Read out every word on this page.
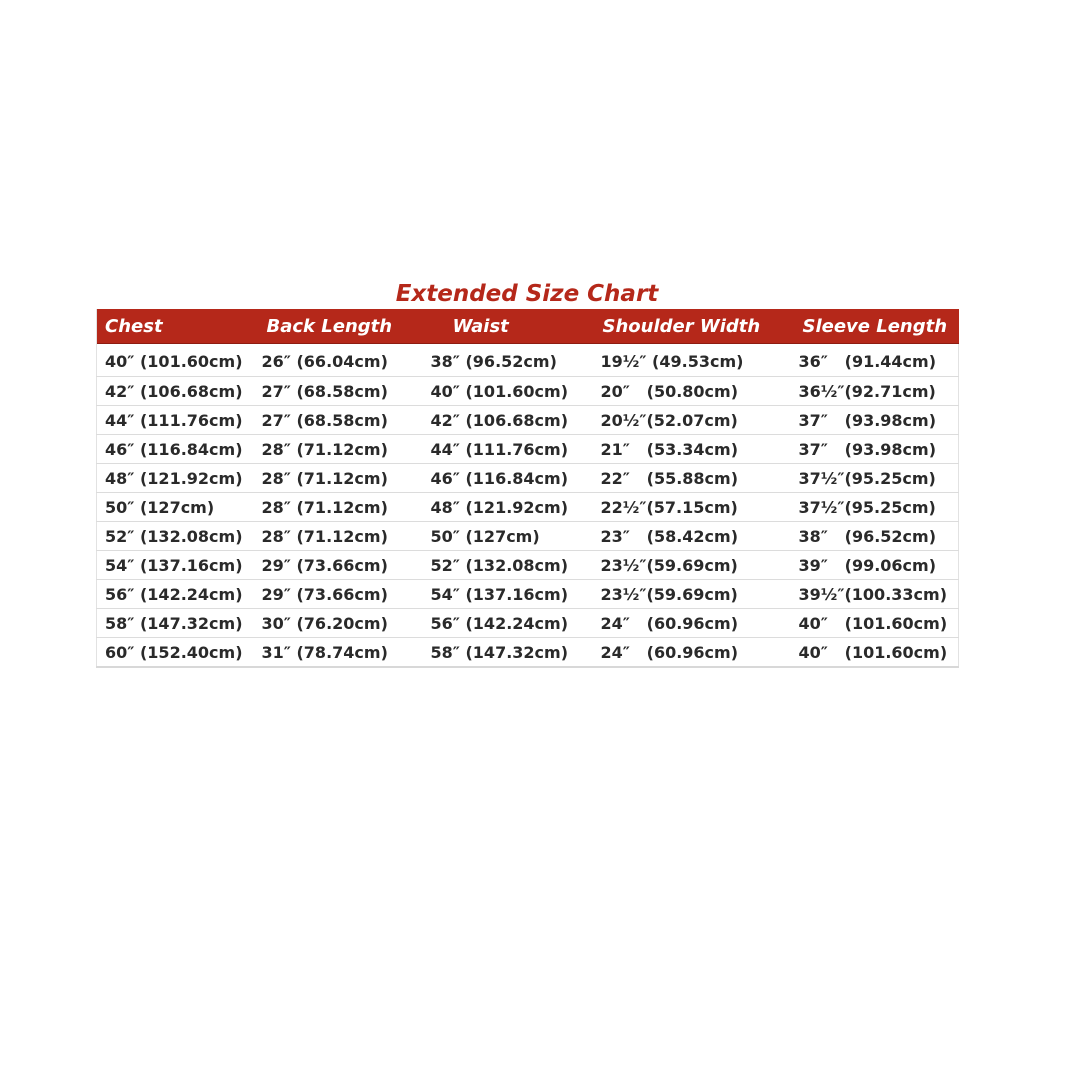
Extended Size Chart
Chest	Back Length	Waist	Shoulder Width	Sleeve Length
40″ (101.60cm)	26″ (66.04cm)	38″ (96.52cm)	19½″ (49.53cm)	36″   (91.44cm)
42″ (106.68cm)	27″ (68.58cm)	40″ (101.60cm)	20″   (50.80cm)	36½″(92.71cm)
44″ (111.76cm)	27″ (68.58cm)	42″ (106.68cm)	20½″(52.07cm)	37″   (93.98cm)
46″ (116.84cm)	28″ (71.12cm)	44″ (111.76cm)	21″   (53.34cm)	37″   (93.98cm)
48″ (121.92cm)	28″ (71.12cm)	46″ (116.84cm)	22″   (55.88cm)	37½″(95.25cm)
50″ (127cm)	28″ (71.12cm)	48″ (121.92cm)	22½″(57.15cm)	37½″(95.25cm)
52″ (132.08cm)	28″ (71.12cm)	50″ (127cm)	23″   (58.42cm)	38″   (96.52cm)
54″ (137.16cm)	29″ (73.66cm)	52″ (132.08cm)	23½″(59.69cm)	39″   (99.06cm)
56″ (142.24cm)	29″ (73.66cm)	54″ (137.16cm)	23½″(59.69cm)	39½″(100.33cm)
58″ (147.32cm)	30″ (76.20cm)	56″ (142.24cm)	24″   (60.96cm)	40″   (101.60cm)
60″ (152.40cm)	31″ (78.74cm)	58″ (147.32cm)	24″   (60.96cm)	40″   (101.60cm)
